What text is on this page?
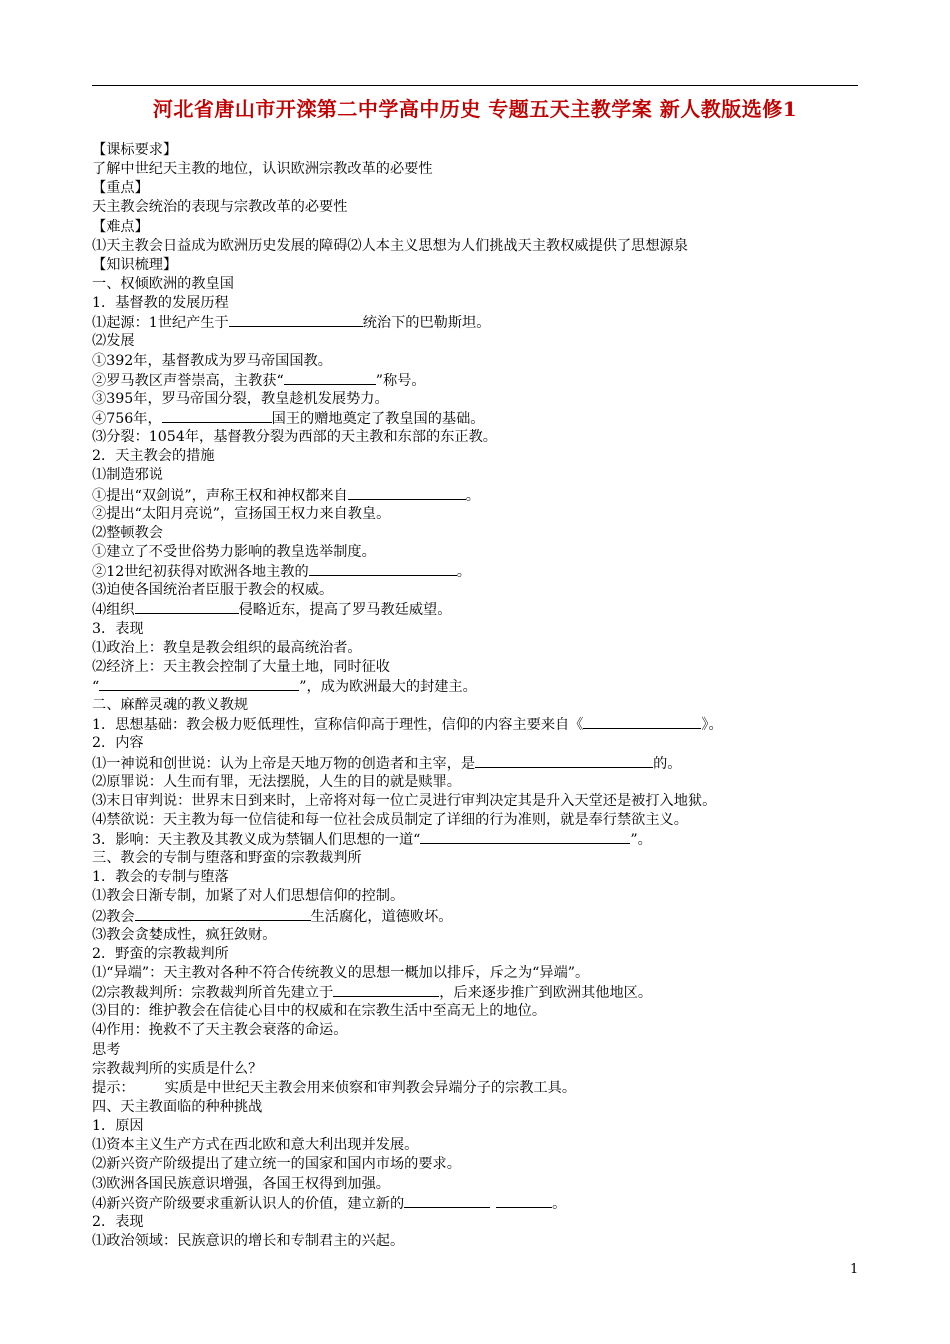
河北省唐山市开滦第二中学高中历史 专题五天主教学案 新人教版选修1
【课标要求】
了解中世纪天主教的地位，认识欧洲宗教改革的必要性
【重点】
天主教会统治的表现与宗教改革的必要性
【难点】
⑴天主教会日益成为欧洲历史发展的障碍⑵人本主义思想为人们挑战天主教权威提供了思想源泉
【知识梳理】
一、权倾欧洲的教皇国
1．基督教的发展历程
⑴起源：1世纪产生于	统治下的巴勒斯坦。
⑵发展
①392年，基督教成为罗马帝国国教。
②罗马教区声誉崇高，主教获“	”称号。
③395年，罗马帝国分裂，教皇趁机发展势力。
④756年，	国王的赠地奠定了教皇国的基础。
⑶分裂：1054年，基督教分裂为西部的天主教和东部的东正教。
2．天主教会的措施
⑴制造邪说
①提出“双剑说”，声称王权和神权都来自	。
②提出“太阳月亮说”，宣扬国王权力来自教皇。
⑵整顿教会
①建立了不受世俗势力影响的教皇选举制度。
②12世纪初获得对欧洲各地主教的	。
⑶迫使各国统治者臣服于教会的权威。
⑷组织	侵略近东，提高了罗马教廷威望。
3．表现
⑴政治上：教皇是教会组织的最高统治者。
⑵经济上：天主教会控制了大量土地，同时征收
“	”，成为欧洲最大的封建主。
二、麻醉灵魂的教义教规
1．思想基础：教会极力贬低理性，宣称信仰高于理性，信仰的内容主要来自《	》。
2．内容
⑴一神说和创世说：认为上帝是天地万物的创造者和主宰，是	的。
⑵原罪说：人生而有罪，无法摆脱，人生的目的就是赎罪。
⑶末日审判说：世界末日到来时，上帝将对每一位亡灵进行审判决定其是升入天堂还是被打入地狱。
⑷禁欲说：天主教为每一位信徒和每一位社会成员制定了详细的行为准则，就是奉行禁欲主义。
3．影响：天主教及其教义成为禁锢人们思想的一道“	”。
三、教会的专制与堕落和野蛮的宗教裁判所
1．教会的专制与堕落
⑴教会日渐专制，加紧了对人们思想信仰的控制。
⑵教会	生活腐化，道德败坏。
⑶教会贪婪成性，疯狂敛财。
2．野蛮的宗教裁判所
⑴“异端”：天主教对各种不符合传统教义的思想一概加以排斥，斥之为“异端”。
⑵宗教裁判所：宗教裁判所首先建立于	，后来逐步推广到欧洲其他地区。
⑶目的：维护教会在信徒心目中的权威和在宗教生活中至高无上的地位。
⑷作用：挽救不了天主教会衰落的命运。
思考
宗教裁判所的实质是什么？
提示： 实质是中世纪天主教会用来侦察和审判教会异端分子的宗教工具。
四、天主教面临的种种挑战
1．原因
⑴资本主义生产方式在西北欧和意大利出现并发展。
⑵新兴资产阶级提出了建立统一的国家和国内市场的要求。
⑶欧洲各国民族意识增强，各国王权得到加强。
⑷新兴资产阶级要求重新认识人的价值，建立新的	。
2．表现
⑴政治领域：民族意识的增长和专制君主的兴起。
1
